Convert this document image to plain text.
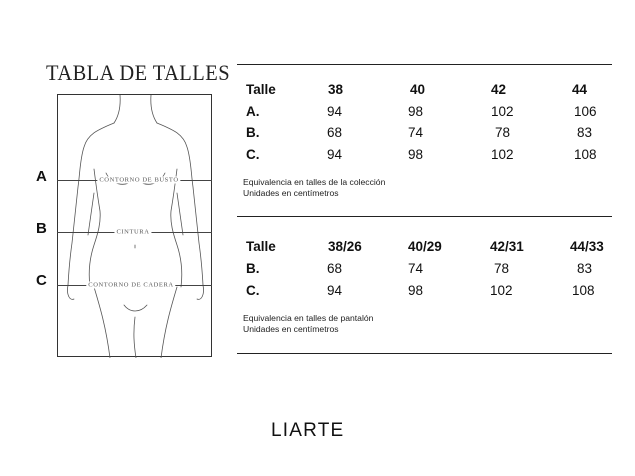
TABLA DE TALLES
CONTORNO DE BUSTO
CINTURA
CONTORNO DE CADERA
A
B
C
Talle	38	40	42	44
A.	94	98	102	106
B.	68	74	78	83
C.	94	98	102	108
Equivalencia en talles de la colección
Unidades en centímetros
Talle	38/26	40/29	42/31	44/33
B.	68	74	78	83
C.	94	98	102	108
Equivalencia en talles de pantalón
Unidades en centímetros
LIARTE
